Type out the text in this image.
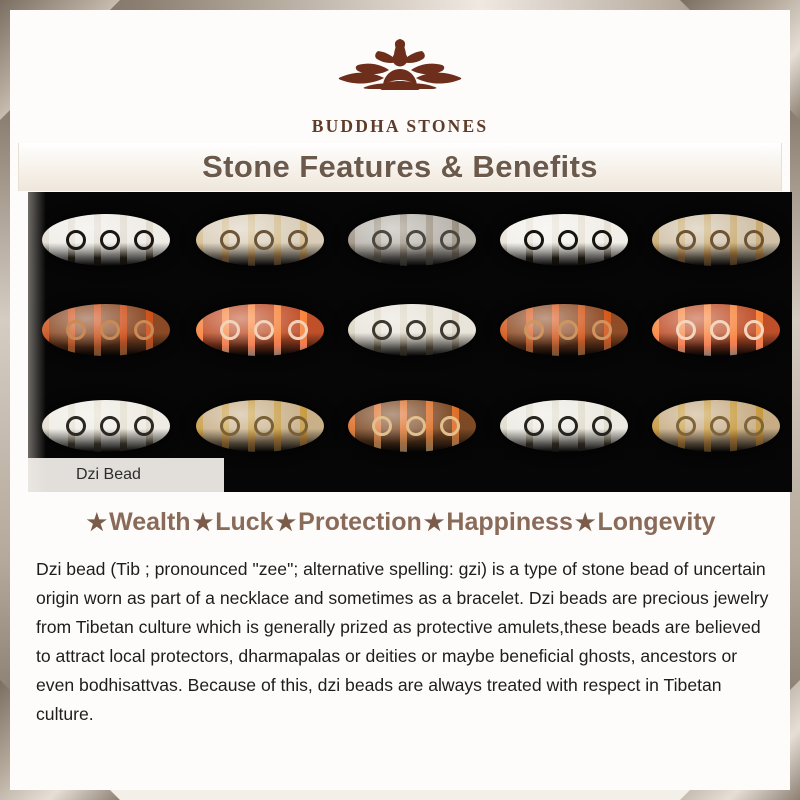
BUDDHA STONES
Stone Features & Benefits
Dzi Bead
★ Wealth ★ Luck ★ Protection ★ Happiness ★ Longevity
Dzi bead (Tib ; pronounced "zee"; alternative spelling: gzi) is a type of stone bead of uncertain origin worn as part of a necklace and sometimes as a bracelet. Dzi beads are precious jewelry from Tibetan culture which is generally prized as protective amulets,these beads are believed to attract local protectors, dharmapalas or deities or maybe beneficial ghosts, ancestors or even bodhisattvas. Because of this, dzi beads are always treated with respect in Tibetan culture.
